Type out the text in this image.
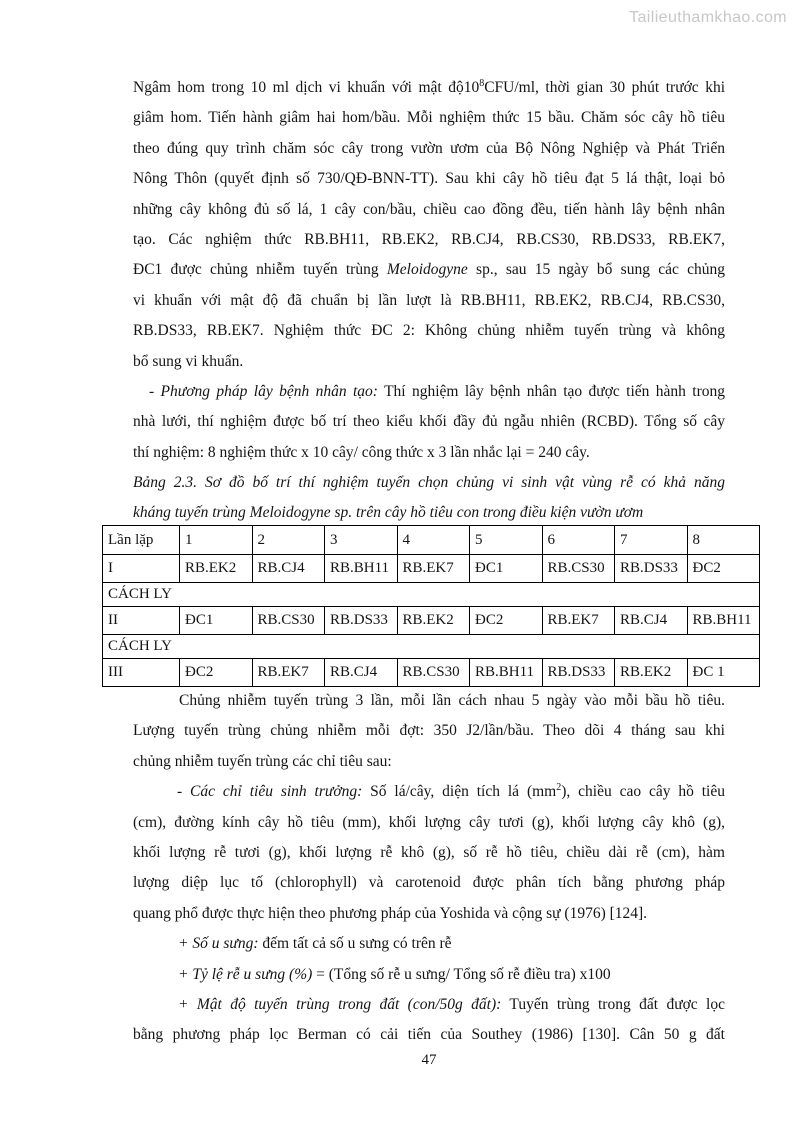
Tailieuthamkhao.com
Ngâm hom trong 10 ml dịch vi khuẩn với mật $độ10^8CFU/ml$, thời gian 30 phút trước khi
giâm hom. Tiến hành giâm hai hom/bầu. Mỗi nghiệm thức 15 bầu. Chăm sóc cây hồ tiêu
theo đúng quy trình chăm sóc cây trong vườn ươm của Bộ Nông Nghiệp và Phát Triển
Nông Thôn (quyết định số 730/QĐ-BNN-TT). Sau khi cây hồ tiêu đạt 5 lá thật, loại bỏ
những cây không đủ số lá, 1 cây con/bầu, chiều cao đồng đều, tiến hành lây bệnh nhân
tạo. Các nghiệm thức RB.BH11, RB.EK2, RB.CJ4, RB.CS30, RB.DS33, RB.EK7,
ĐC1 được chủng nhiễm tuyến trùng Meloidogyne sp., sau 15 ngày bổ sung các chủng
vi khuẩn với mật độ đã chuẩn bị lần lượt là RB.BH11, RB.EK2, RB.CJ4, RB.CS30,
RB.DS33, RB.EK7. Nghiệm thức ĐC 2: Không chủng nhiễm tuyến trùng và không
bổ sung vi khuẩn.
- Phương pháp lây bệnh nhân tạo: Thí nghiệm lây bệnh nhân tạo được tiến hành trong
nhà lưới, thí nghiệm được bố trí theo kiểu khối đầy đủ ngẫu nhiên (RCBD). Tổng số cây
thí nghiệm: 8 nghiệm thức x 10 cây/ công thức x 3 lần nhắc lại = 240 cây.
Bảng 2.3. Sơ đồ bố trí thí nghiệm tuyển chọn chủng vi sinh vật vùng rễ có khả năng
kháng tuyến trùng Meloidogyne sp. trên cây hồ tiêu con trong điều kiện vườn ươm
Lần lặp	1	2	3	4	5	6	7	8
I	RB.EK2	RB.CJ4	RB.BH11	RB.EK7	ĐC1	RB.CS30	RB.DS33	ĐC2
CÁCH LY								
II	ĐC1	RB.CS30	RB.DS33	RB.EK2	ĐC2	RB.EK7	RB.CJ4	RB.BH11
CÁCH LY								
III	ĐC2	RB.EK7	RB.CJ4	RB.CS30	RB.BH11	RB.DS33	RB.EK2	ĐC 1
Chủng nhiễm tuyến trùng 3 lần, mỗi lần cách nhau 5 ngày vào mỗi bầu hồ tiêu.
Lượng tuyến trùng chủng nhiễm mỗi đợt: 350 J2/lần/bầu. Theo dõi 4 tháng sau khi
chủng nhiễm tuyến trùng các chỉ tiêu sau:
- Các chỉ tiêu sinh trưởng: Số lá/cây, diện tích lá $(mm^2)$, chiều cao cây hồ tiêu
(cm), đường kính cây hồ tiêu (mm), khối lượng cây tươi (g), khối lượng cây khô (g),
khối lượng rễ tươi (g), khối lượng rễ khô (g), số rễ hồ tiêu, chiều dài rễ (cm), hàm
lượng diệp lục tố (chlorophyll) và carotenoid được phân tích bằng phương pháp
quang phổ được thực hiện theo phương pháp của Yoshida và cộng sự (1976) [124].
+ Số u sưng: đếm tất cả số u sưng có trên rễ
+ Tỷ lệ rễ u sưng (%) = (Tổng số rễ u sưng/ Tổng số rễ điều tra) x100
+ Mật độ tuyến trùng trong đất (con/50g đất): Tuyến trùng trong đất được lọc
bằng phương pháp lọc Berman có cải tiến của Southey (1986) [130]. Cân 50 g đất
47
